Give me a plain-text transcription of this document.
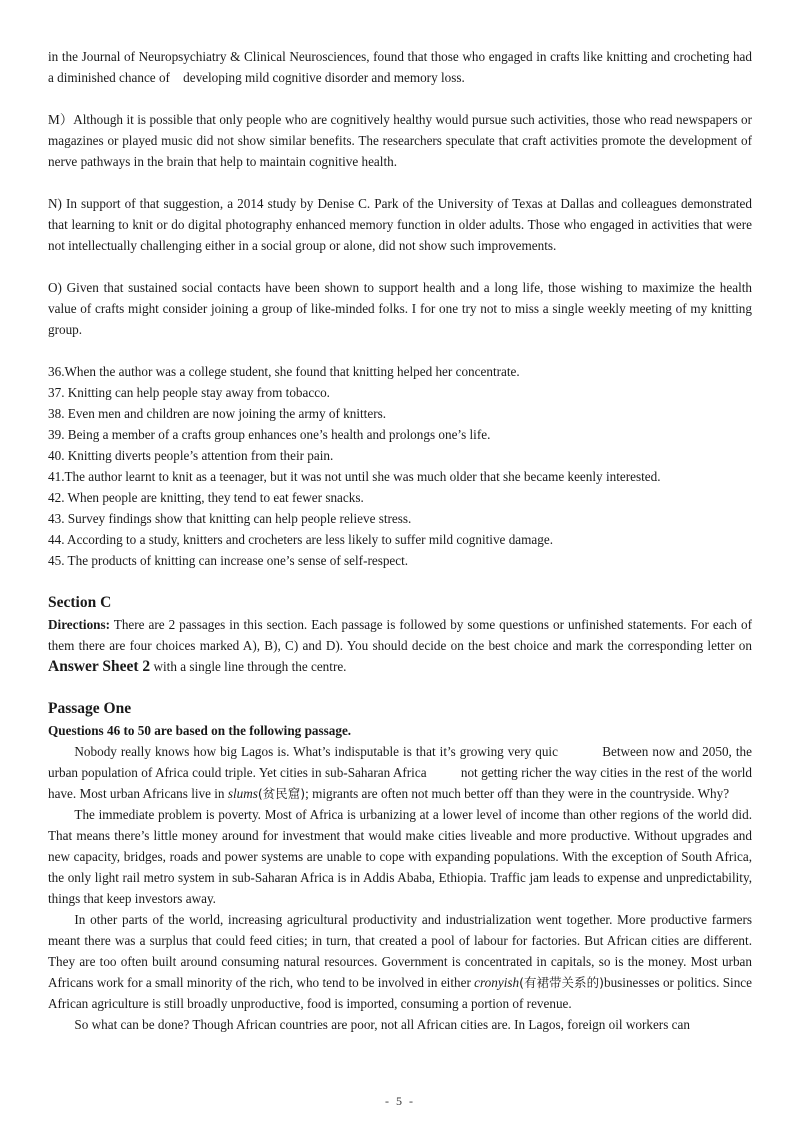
in the Journal of Neuropsychiatry & Clinical Neurosciences, found that those who engaged in crafts like knitting and crocheting had a diminished chance of    developing mild cognitive disorder and memory loss.

M）Although it is possible that only people who are cognitively healthy would pursue such activities, those who read newspapers or magazines or played music did not show similar benefits. The researchers speculate that craft activities promote the development of nerve pathways in the brain that help to maintain cognitive health.

N) In support of that suggestion, a 2014 study by Denise C. Park of the University of Texas at Dallas and colleagues demonstrated that learning to knit or do digital photography enhanced memory function in older adults. Those who engaged in activities that were not intellectually challenging either in a social group or alone, did not show such improvements.

O) Given that sustained social contacts have been shown to support health and a long life, those wishing to maximize the health value of crafts might consider joining a group of like-minded folks. I for one try not to miss a single weekly meeting of my knitting group.

36.When the author was a college student, she found that knitting helped her concentrate.
37. Knitting can help people stay away from tobacco.
38. Even men and children are now joining the army of knitters.
39. Being a member of a crafts group enhances one’s health and prolongs one’s life.
40. Knitting diverts people’s attention from their pain.
41.The author learnt to knit as a teenager, but it was not until she was much older that she became keenly interested.
42. When people are knitting, they tend to eat fewer snacks.
43. Survey findings show that knitting can help people relieve stress.
44. According to a study, knitters and crocheters are less likely to suffer mild cognitive damage.
45. The products of knitting can increase one’s sense of self-respect.
Section C

Directions: There are 2 passages in this section. Each passage is followed by some questions or unfinished statements. For each of them there are four choices marked A), B), C) and D). You should decide on the best choice and mark the corresponding letter on Answer Sheet 2 with a single line through the centre.

Passage One

Questions 46 to 50 are based on the following passage.

Nobody really knows how big Lagos is. What’s indisputable is that it’s growing very quic           Between now and 2050, the urban population of Africa could triple. Yet cities in sub-Saharan Africa          not getting richer the way cities in the rest of the world have. Most urban Africans live in slums(贫民窟); migrants are often not much better off than they were in the countryside. Why?

The immediate problem is poverty. Most of Africa is urbanizing at a lower level of income than other regions of the world did. That means there’s little money around for investment that would make cities liveable and more productive. Without upgrades and new capacity, bridges, roads and power systems are unable to cope with expanding populations. With the exception of South Africa, the only light rail metro system in sub-Saharan Africa is in Addis Ababa, Ethiopia. Traffic jam leads to expense and unpredictability, things that keep investors away.

In other parts of the world, increasing agricultural productivity and industrialization went together. More productive farmers meant there was a surplus that could feed cities; in turn, that created a pool of labour for factories. But African cities are different. They are too often built around consuming natural resources. Government is concentrated in capitals, so is the money. Most urban Africans work for a small minority of the rich, who tend to be involved in either cronyish(有裙带关系的)businesses or politics. Since African agriculture is still broadly unproductive, food is imported, consuming a portion of revenue.

So what can be done? Though African countries are poor, not all African cities are. In Lagos, foreign oil workers can

- 5 -
